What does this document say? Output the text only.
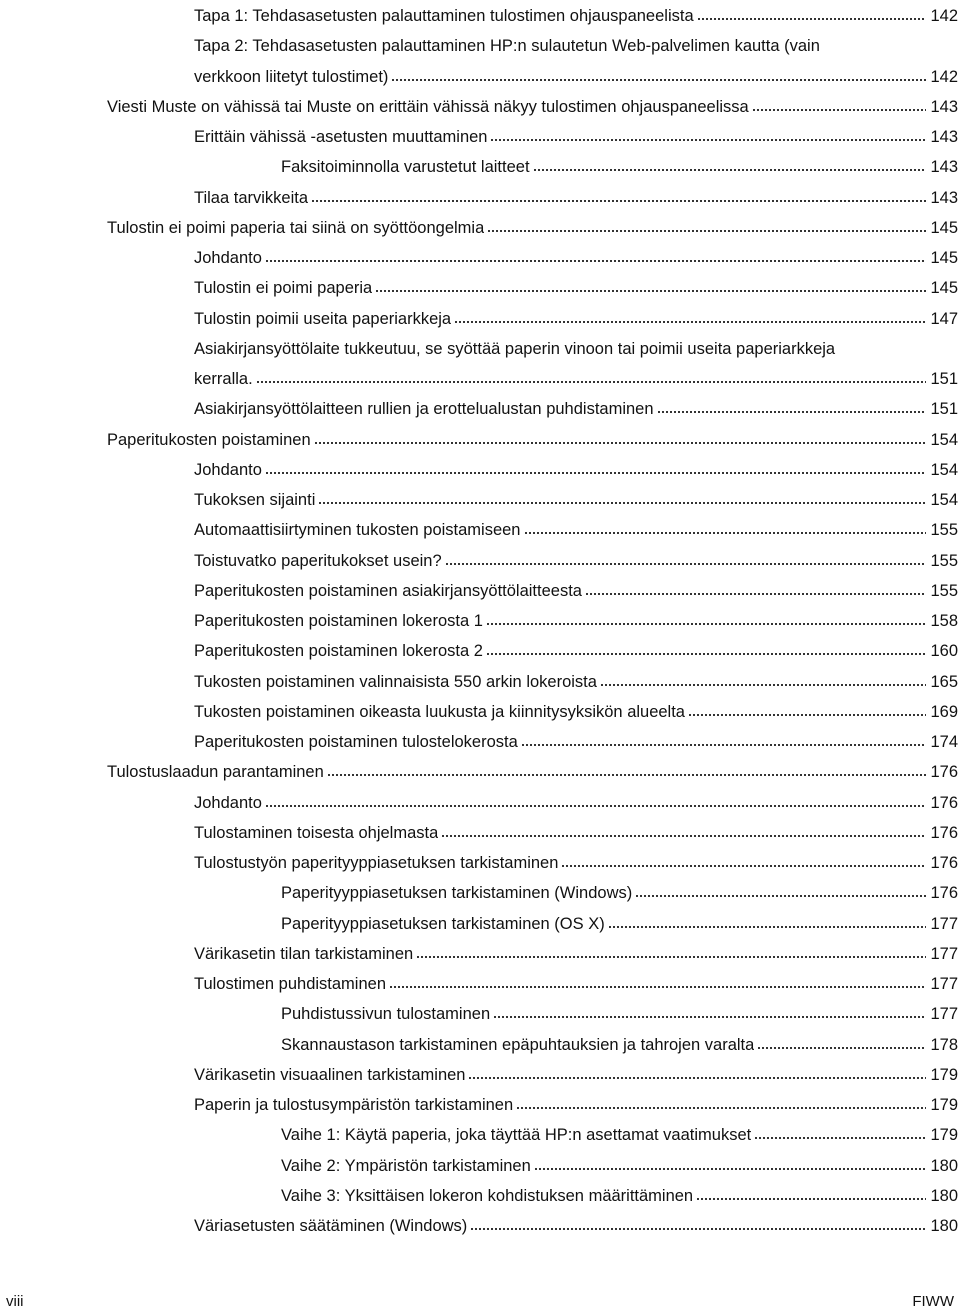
Tapa 1: Tehdasasetusten palauttaminen tulostimen ohjauspaneelista	142
Tapa 2: Tehdasasetusten palauttaminen HP:n sulautetun Web-palvelimen kautta (vain
verkkoon liitetyt tulostimet)	142
Viesti Muste on vähissä tai Muste on erittäin vähissä näkyy tulostimen ohjauspaneelissa	143
Erittäin vähissä -asetusten muuttaminen	143
Faksitoiminnolla varustetut laitteet	143
Tilaa tarvikkeita	143
Tulostin ei poimi paperia tai siinä on syöttöongelmia	145
Johdanto	145
Tulostin ei poimi paperia	145
Tulostin poimii useita paperiarkkeja	147
Asiakirjansyöttölaite tukkeutuu, se syöttää paperin vinoon tai poimii useita paperiarkkeja
kerralla.	151
Asiakirjansyöttölaitteen rullien ja erottelualustan puhdistaminen	151
Paperitukosten poistaminen	154
Johdanto	154
Tukoksen sijainti	154
Automaattisiirtyminen tukosten poistamiseen	155
Toistuvatko paperitukokset usein?	155
Paperitukosten poistaminen asiakirjansyöttölaitteesta	155
Paperitukosten poistaminen lokerosta 1	158
Paperitukosten poistaminen lokerosta 2	160
Tukosten poistaminen valinnaisista 550 arkin lokeroista	165
Tukosten poistaminen oikeasta luukusta ja kiinnitysyksikön alueelta	169
Paperitukosten poistaminen tulostelokerosta	174
Tulostuslaadun parantaminen	176
Johdanto	176
Tulostaminen toisesta ohjelmasta	176
Tulostustyön paperityyppiasetuksen tarkistaminen	176
Paperityyppiasetuksen tarkistaminen (Windows)	176
Paperityyppiasetuksen tarkistaminen (OS X)	177
Värikasetin tilan tarkistaminen	177
Tulostimen puhdistaminen	177
Puhdistussivun tulostaminen	177
Skannaustason tarkistaminen epäpuhtauksien ja tahrojen varalta	178
Värikasetin visuaalinen tarkistaminen	179
Paperin ja tulostusympäristön tarkistaminen	179
Vaihe 1: Käytä paperia, joka täyttää HP:n asettamat vaatimukset	179
Vaihe 2: Ympäristön tarkistaminen	180
Vaihe 3: Yksittäisen lokeron kohdistuksen määrittäminen	180
Väriasetusten säätäminen (Windows)	180
viii	FIWW
